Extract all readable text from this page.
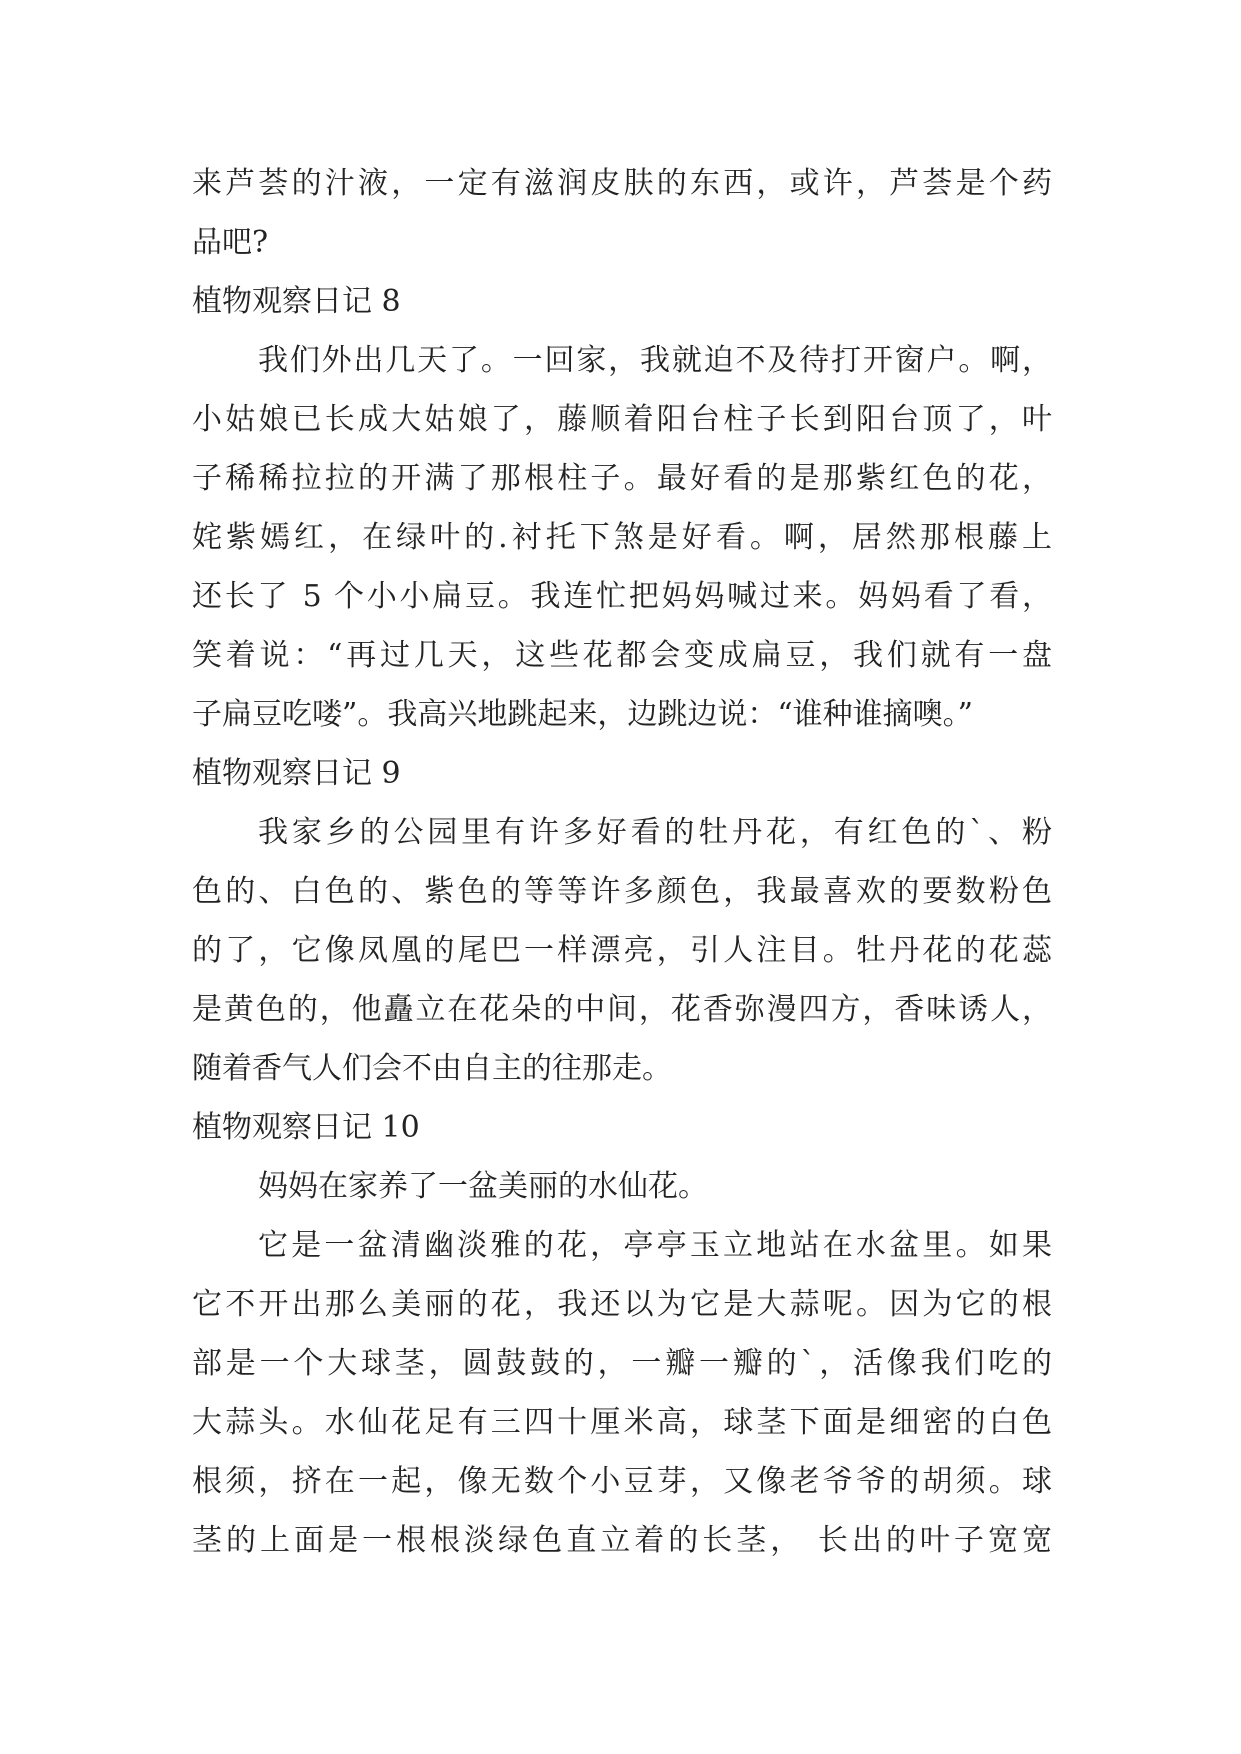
来芦荟的汁液，一定有滋润皮肤的东西，或许，芦荟是个药
品吧?
植物观察日记 8
我们外出几天了。一回家，我就迫不及待打开窗户。啊，
小姑娘已长成大姑娘了，藤顺着阳台柱子长到阳台顶了，叶
子稀稀拉拉的开满了那根柱子。最好看的是那紫红色的花，
姹紫嫣红，在绿叶的.衬托下煞是好看。啊，居然那根藤上
还长了 5 个小小扁豆。我连忙把妈妈喊过来。妈妈看了看，
笑着说：“再过几天，这些花都会变成扁豆，我们就有一盘
子扁豆吃喽”。我高兴地跳起来，边跳边说：“谁种谁摘噢。”
植物观察日记 9
我家乡的公园里有许多好看的牡丹花，有红色的`、粉
色的、白色的、紫色的等等许多颜色，我最喜欢的要数粉色
的了，它像凤凰的尾巴一样漂亮，引人注目。牡丹花的花蕊
是黄色的，他矗立在花朵的中间，花香弥漫四方，香味诱人，
随着香气人们会不由自主的往那走。
植物观察日记 10
妈妈在家养了一盆美丽的水仙花。
它是一盆清幽淡雅的花，亭亭玉立地站在水盆里。如果
它不开出那么美丽的花，我还以为它是大蒜呢。因为它的根
部是一个大球茎，圆鼓鼓的，一瓣一瓣的`，活像我们吃的
大蒜头。水仙花足有三四十厘米高，球茎下面是细密的白色
根须，挤在一起，像无数个小豆芽，又像老爷爷的胡须。球
茎的上面是一根根淡绿色直立着的长茎， 长出的叶子宽宽
